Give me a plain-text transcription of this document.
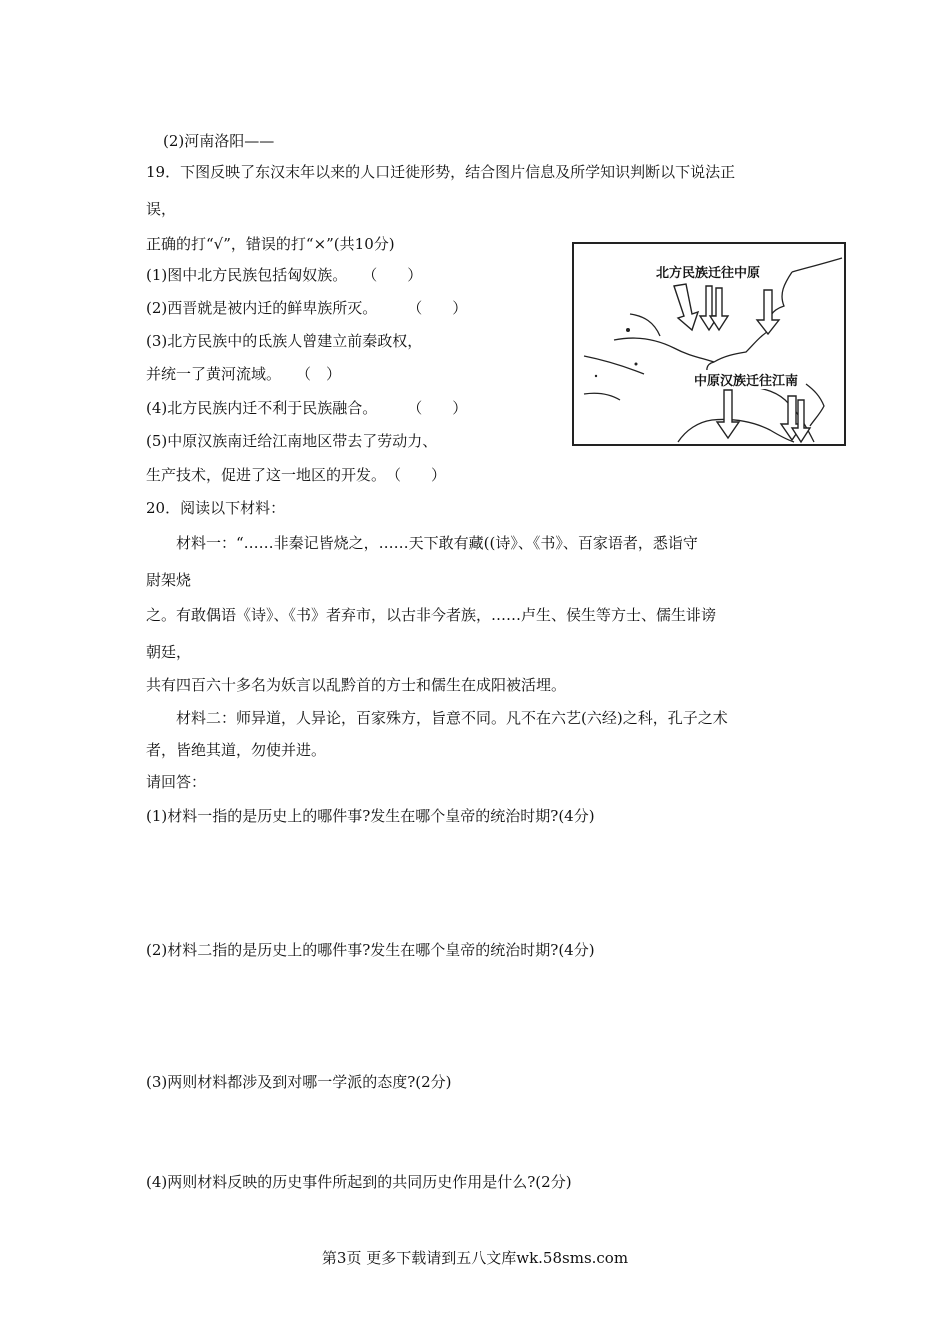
(2)河南洛阳——
19．下图反映了东汉末年以来的人口迁徙形势，结合图片信息及所学知识判断以下说法正
误，
正确的打“√”，错误的打“×”(共10分)
(1)图中北方民族包括匈奴族。　　（　　）
(2)西晋就是被内迁的鲜卑族所灭。　　　（　　）
(3)北方民族中的氐族人曾建立前秦政权，
并统一了黄河流域。　　（　）
(4)北方民族内迁不利于民族融合。　　　（　　）
(5)中原汉族南迁给江南地区带去了劳动力、
生产技术，促进了这一地区的开发。　（　　）
20．阅读以下材料：
　　材料一：“……非秦记皆烧之，……天下敢有藏((诗》、《书》、百家语者，悉诣守
尉架烧
之。有敢偶语《诗》、《书》者弃市，以古非今者族，……卢生、侯生等方士、儒生诽谤
朝廷，
共有四百六十多名为妖言以乱黔首的方士和儒生在成阳被活埋。
　　材料二：师异道，人异论，百家殊方，旨意不同。凡不在六艺(六经)之科，孔子之术
者，皆绝其道，勿使并进。
请回答：
(1)材料一指的是历史上的哪件事?发生在哪个皇帝的统治时期?(4分)
(2)材料二指的是历史上的哪件事?发生在哪个皇帝的统治时期?(4分)
(3)两则材料都涉及到对哪一学派的态度?(2分)
(4)两则材料反映的历史事件所起到的共同历史作用是什么?(2分)
北方民族迁往中原
中原汉族迁往江南
第3页 更多下载请到五八文库wk.58sms.com
